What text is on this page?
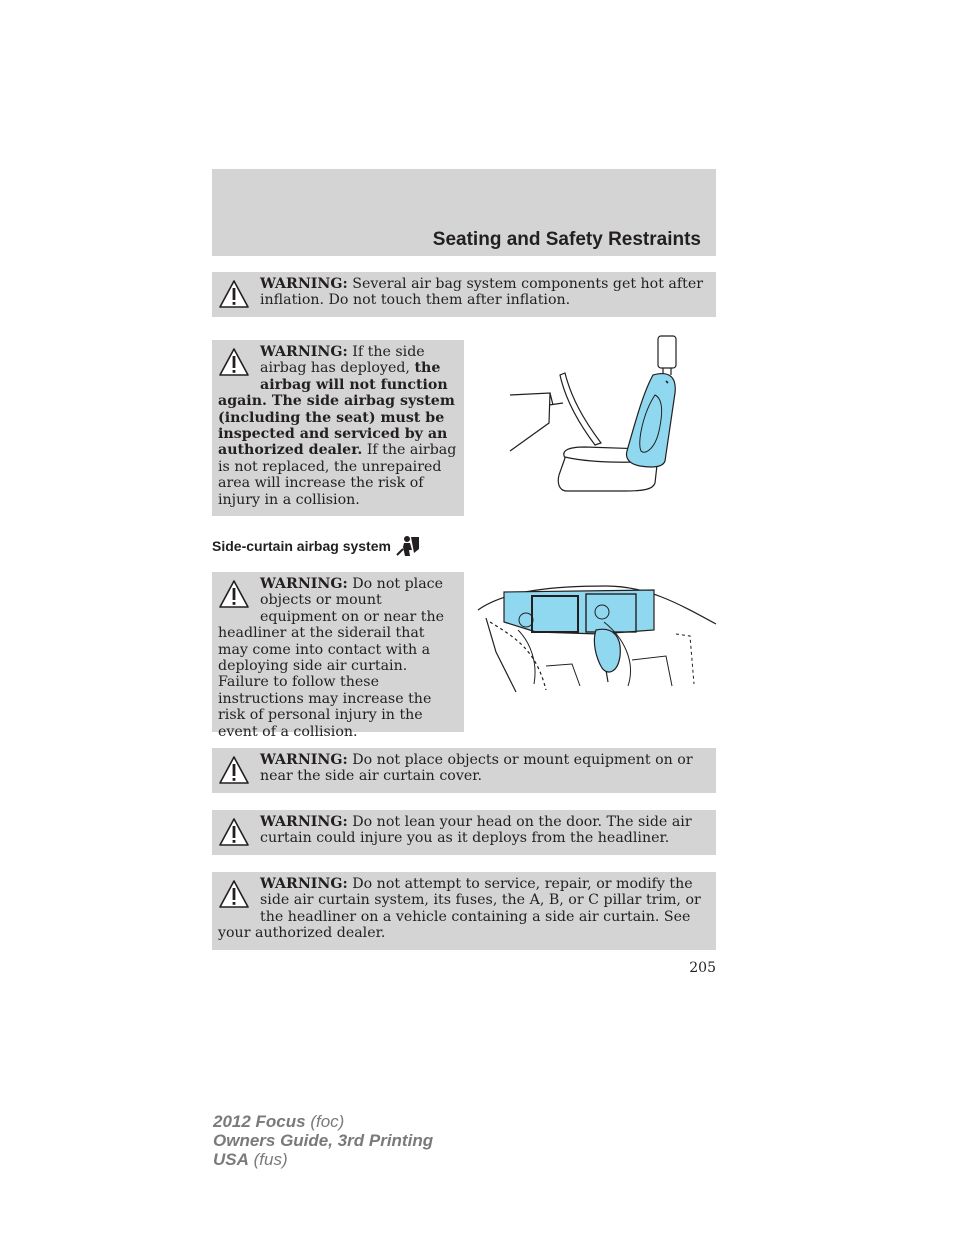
Seating and Safety Restraints

WARNING: Several air bag system components get hot after inflation. Do not touch them after inflation.

WARNING: If the side airbag has deployed, the airbag will not function again. The side airbag system (including the seat) must be inspected and serviced by an authorized dealer. If the airbag is not replaced, the unrepaired area will increase the risk of injury in a collision.

Side-curtain airbag system

WARNING: Do not place objects or mount equipment on or near the headliner at the siderail that may come into contact with a deploying side air curtain. Failure to follow these instructions may increase the risk of personal injury in the event of a collision.

WARNING: Do not place objects or mount equipment on or near the side air curtain cover.

WARNING: Do not lean your head on the door. The side air curtain could injure you as it deploys from the headliner.

WARNING: Do not attempt to service, repair, or modify the side air curtain system, its fuses, the A, B, or C pillar trim, or the headliner on a vehicle containing a side air curtain. See your authorized dealer.

205
2012 Focus (foc)
Owners Guide, 3rd Printing
USA (fus)
